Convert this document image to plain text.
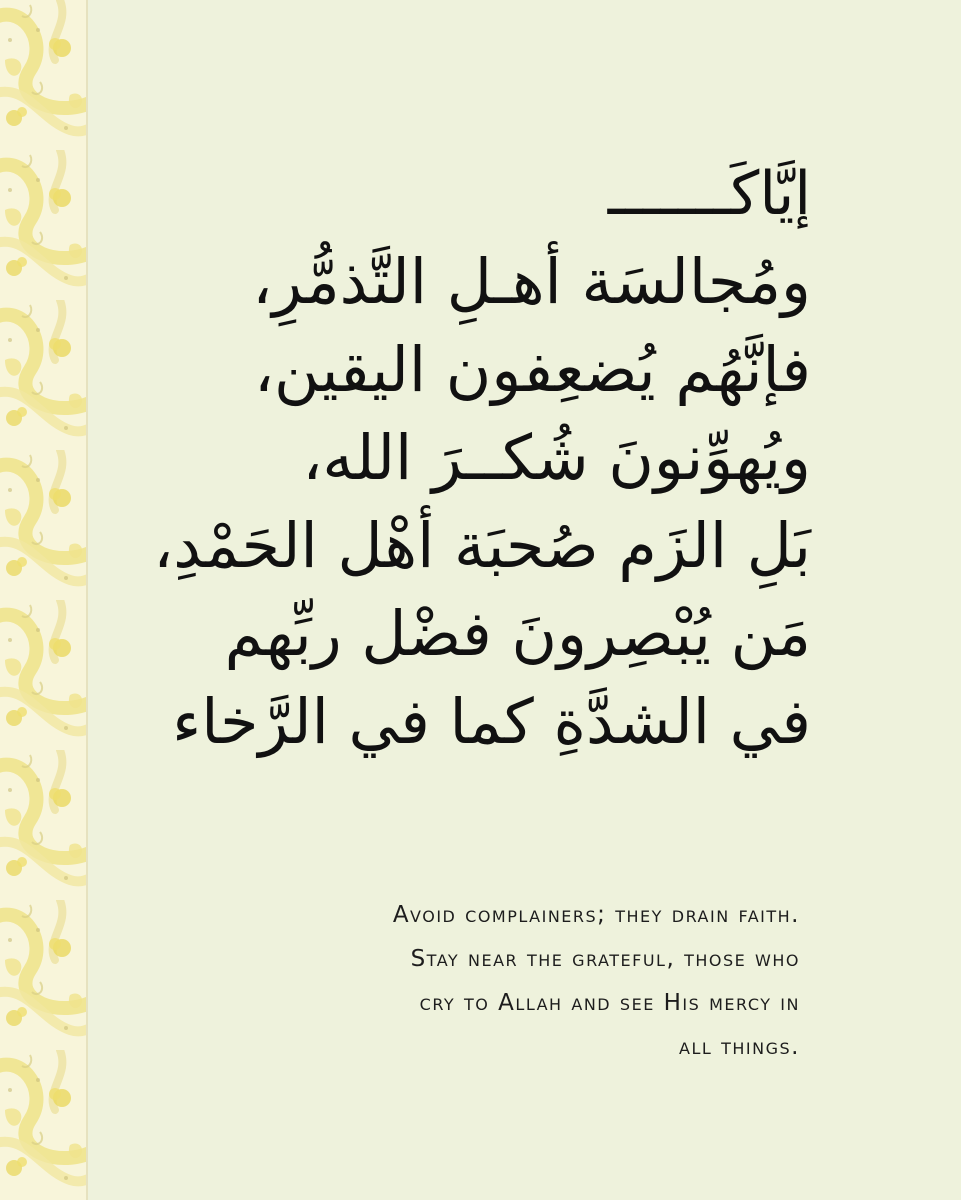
إيَّاكَـــــــ
ومُجالسَة أهـلِ التَّذمُّرِ،
فإنَّهُم يُضعِفون اليقين،
ويُهوِّنونَ شُكــرَ الله،
بَلِ الزَم صُحبَة أهْل الحَمْدِ،
مَن يُبْصِرونَ فضْل ربِّهم
في الشدَّةِ كما في الرَّخاء
Avoid complainers; they drain faith.
Stay near the grateful, those who
cry to Allah and see His mercy in
all things.
